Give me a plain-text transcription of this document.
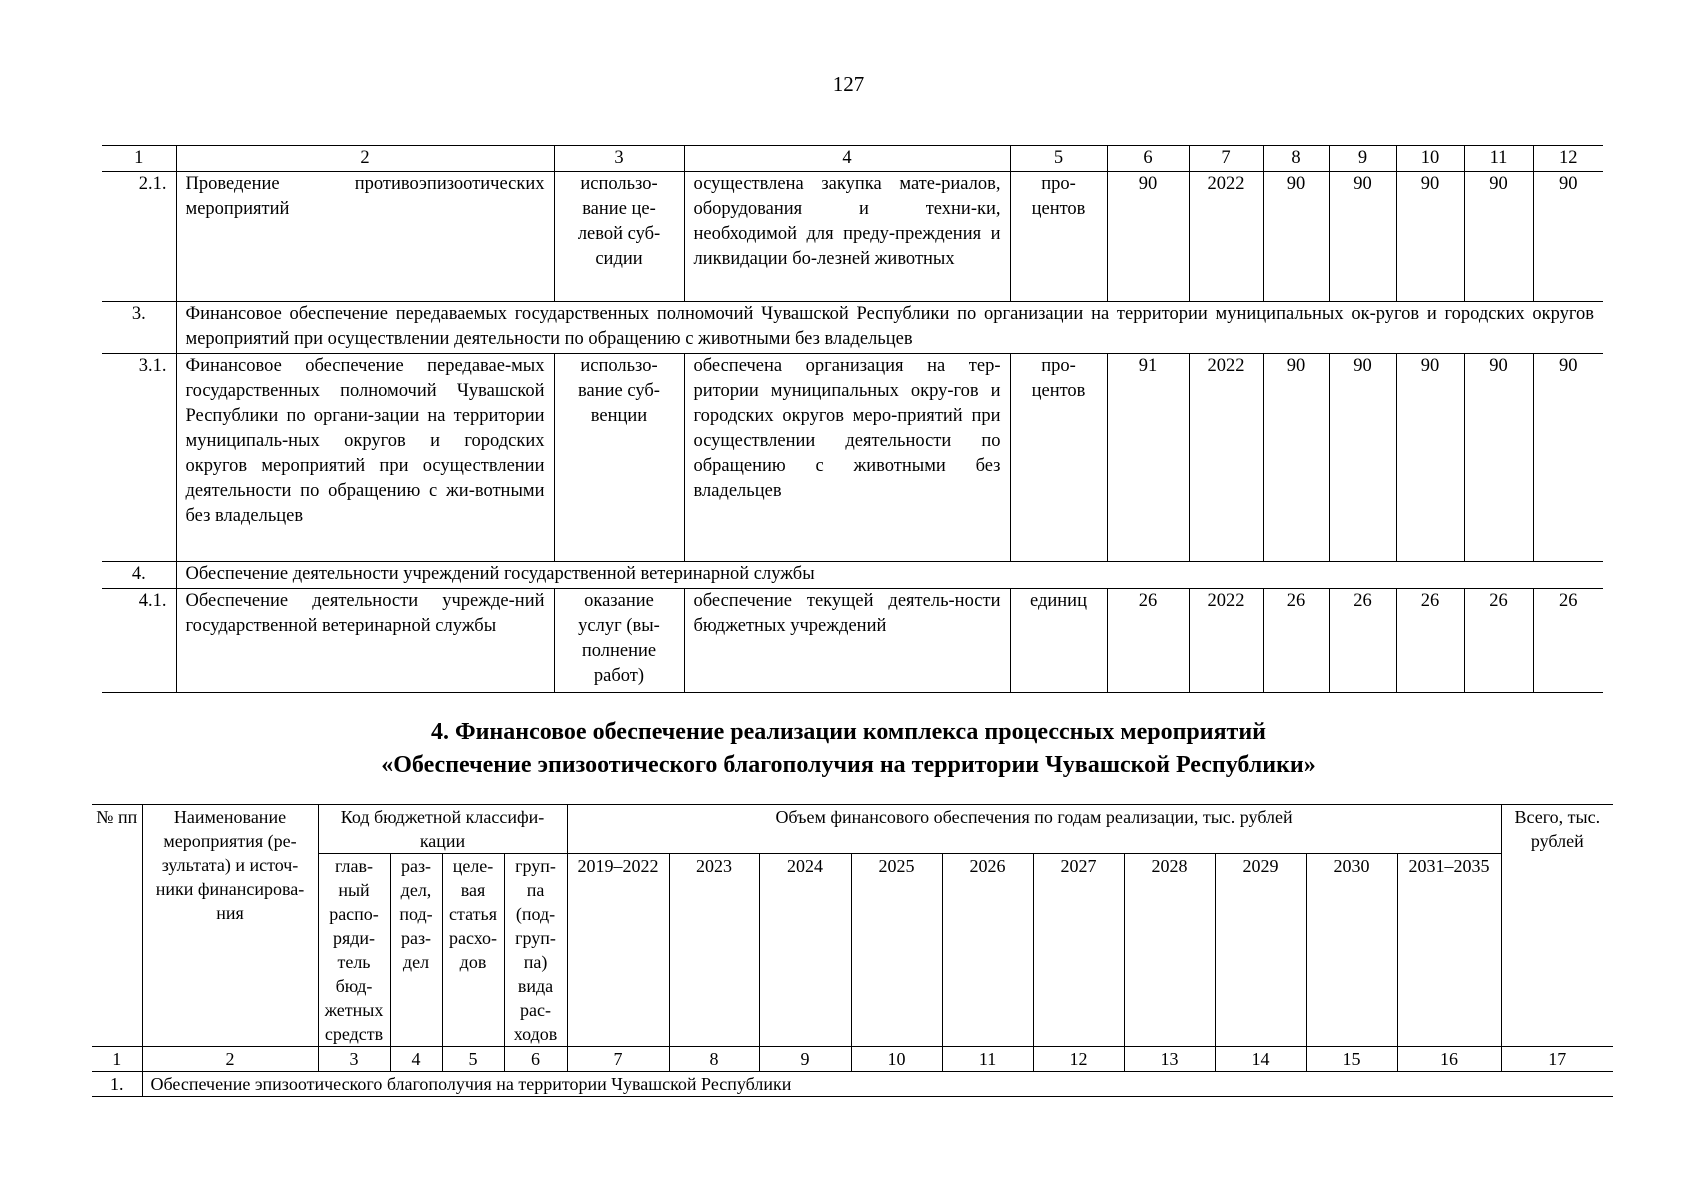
127
1	2	3	4	5	6	7	8	9	10	11	12
2.1.	Проведение противоэпизоотических мероприятий	использо-вание це-левой суб-сидии	осуществлена закупка мате-риалов, оборудования и техни-ки, необходимой для преду-преждения и ликвидации бо-лезней животных	про-центов	90	2022	90	90	90	90	90
3.	Финансовое обеспечение передаваемых государственных полномочий Чувашской Республики по организации на территории муниципальных ок-ругов и городских округов мероприятий при осуществлении деятельности по обращению с животными без владельцев										
3.1.	Финансовое обеспечение передавае-мых государственных полномочий Чувашской Республики по органи-зации на территории муниципаль-ных округов и городских округов мероприятий при осуществлении деятельности по обращению с жи-вотными без владельцев	использо-вание суб-венции	обеспечена организация на тер-ритории муниципальных окру-гов и городских округов меро-приятий при осуществлении деятельности по обращению с животными без владельцев	про-центов	91	2022	90	90	90	90	90
4.	Обеспечение деятельности учреждений государственной ветеринарной службы										
4.1.	Обеспечение деятельности учрежде-ний государственной ветеринарной службы	оказание услуг (вы-полнение работ)	обеспечение текущей деятель-ности бюджетных учреждений	единиц	26	2022	26	26	26	26	26
4. Финансовое обеспечение реализации комплекса процессных мероприятий
«Обеспечение эпизоотического благополучия на территории Чувашской Республики»
№ пп	Наименование мероприятия (ре-зультата) и источ-ники финансирова-ния	Код бюджетной классифи-кации				Объем финансового обеспечения по годам реализации, тыс. рублей										Всего, тыс. рублей
		глав-ный распо-ряди-тель бюд-жетных средств	раз-дел, под-раз-дел	целе-вая статья расхо-дов	груп-па (под-груп-па) вида рас-ходов	2019–2022	2023	2024	2025	2026	2027	2028	2029	2030	2031–2035	
1	2	3	4	5	6	7	8	9	10	11	12	13	14	15	16	17
1.	Обеспечение эпизоотического благополучия на территории Чувашской Республики															
